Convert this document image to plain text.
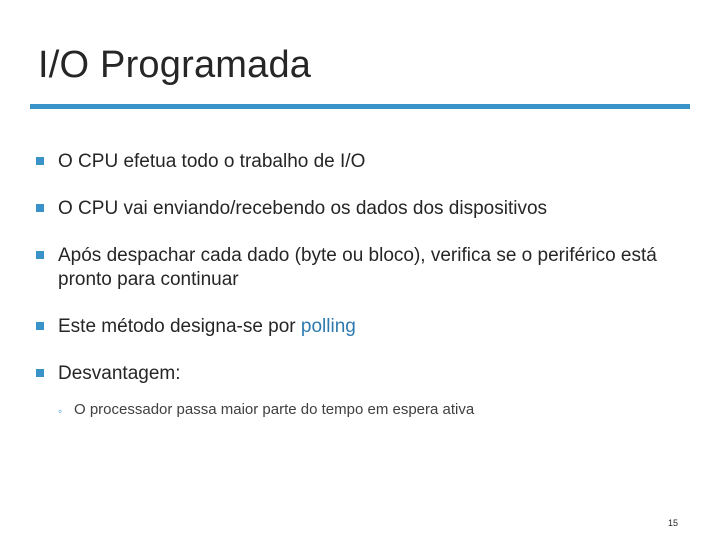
I/O Programada
O CPU efetua todo o trabalho de I/O
O CPU vai enviando/recebendo os dados dos dispositivos
Após despachar cada dado (byte ou bloco), verifica se o periférico está pronto para continuar
Este método designa-se por polling
Desvantagem:
◦ O processador passa maior parte do tempo em espera ativa
15
